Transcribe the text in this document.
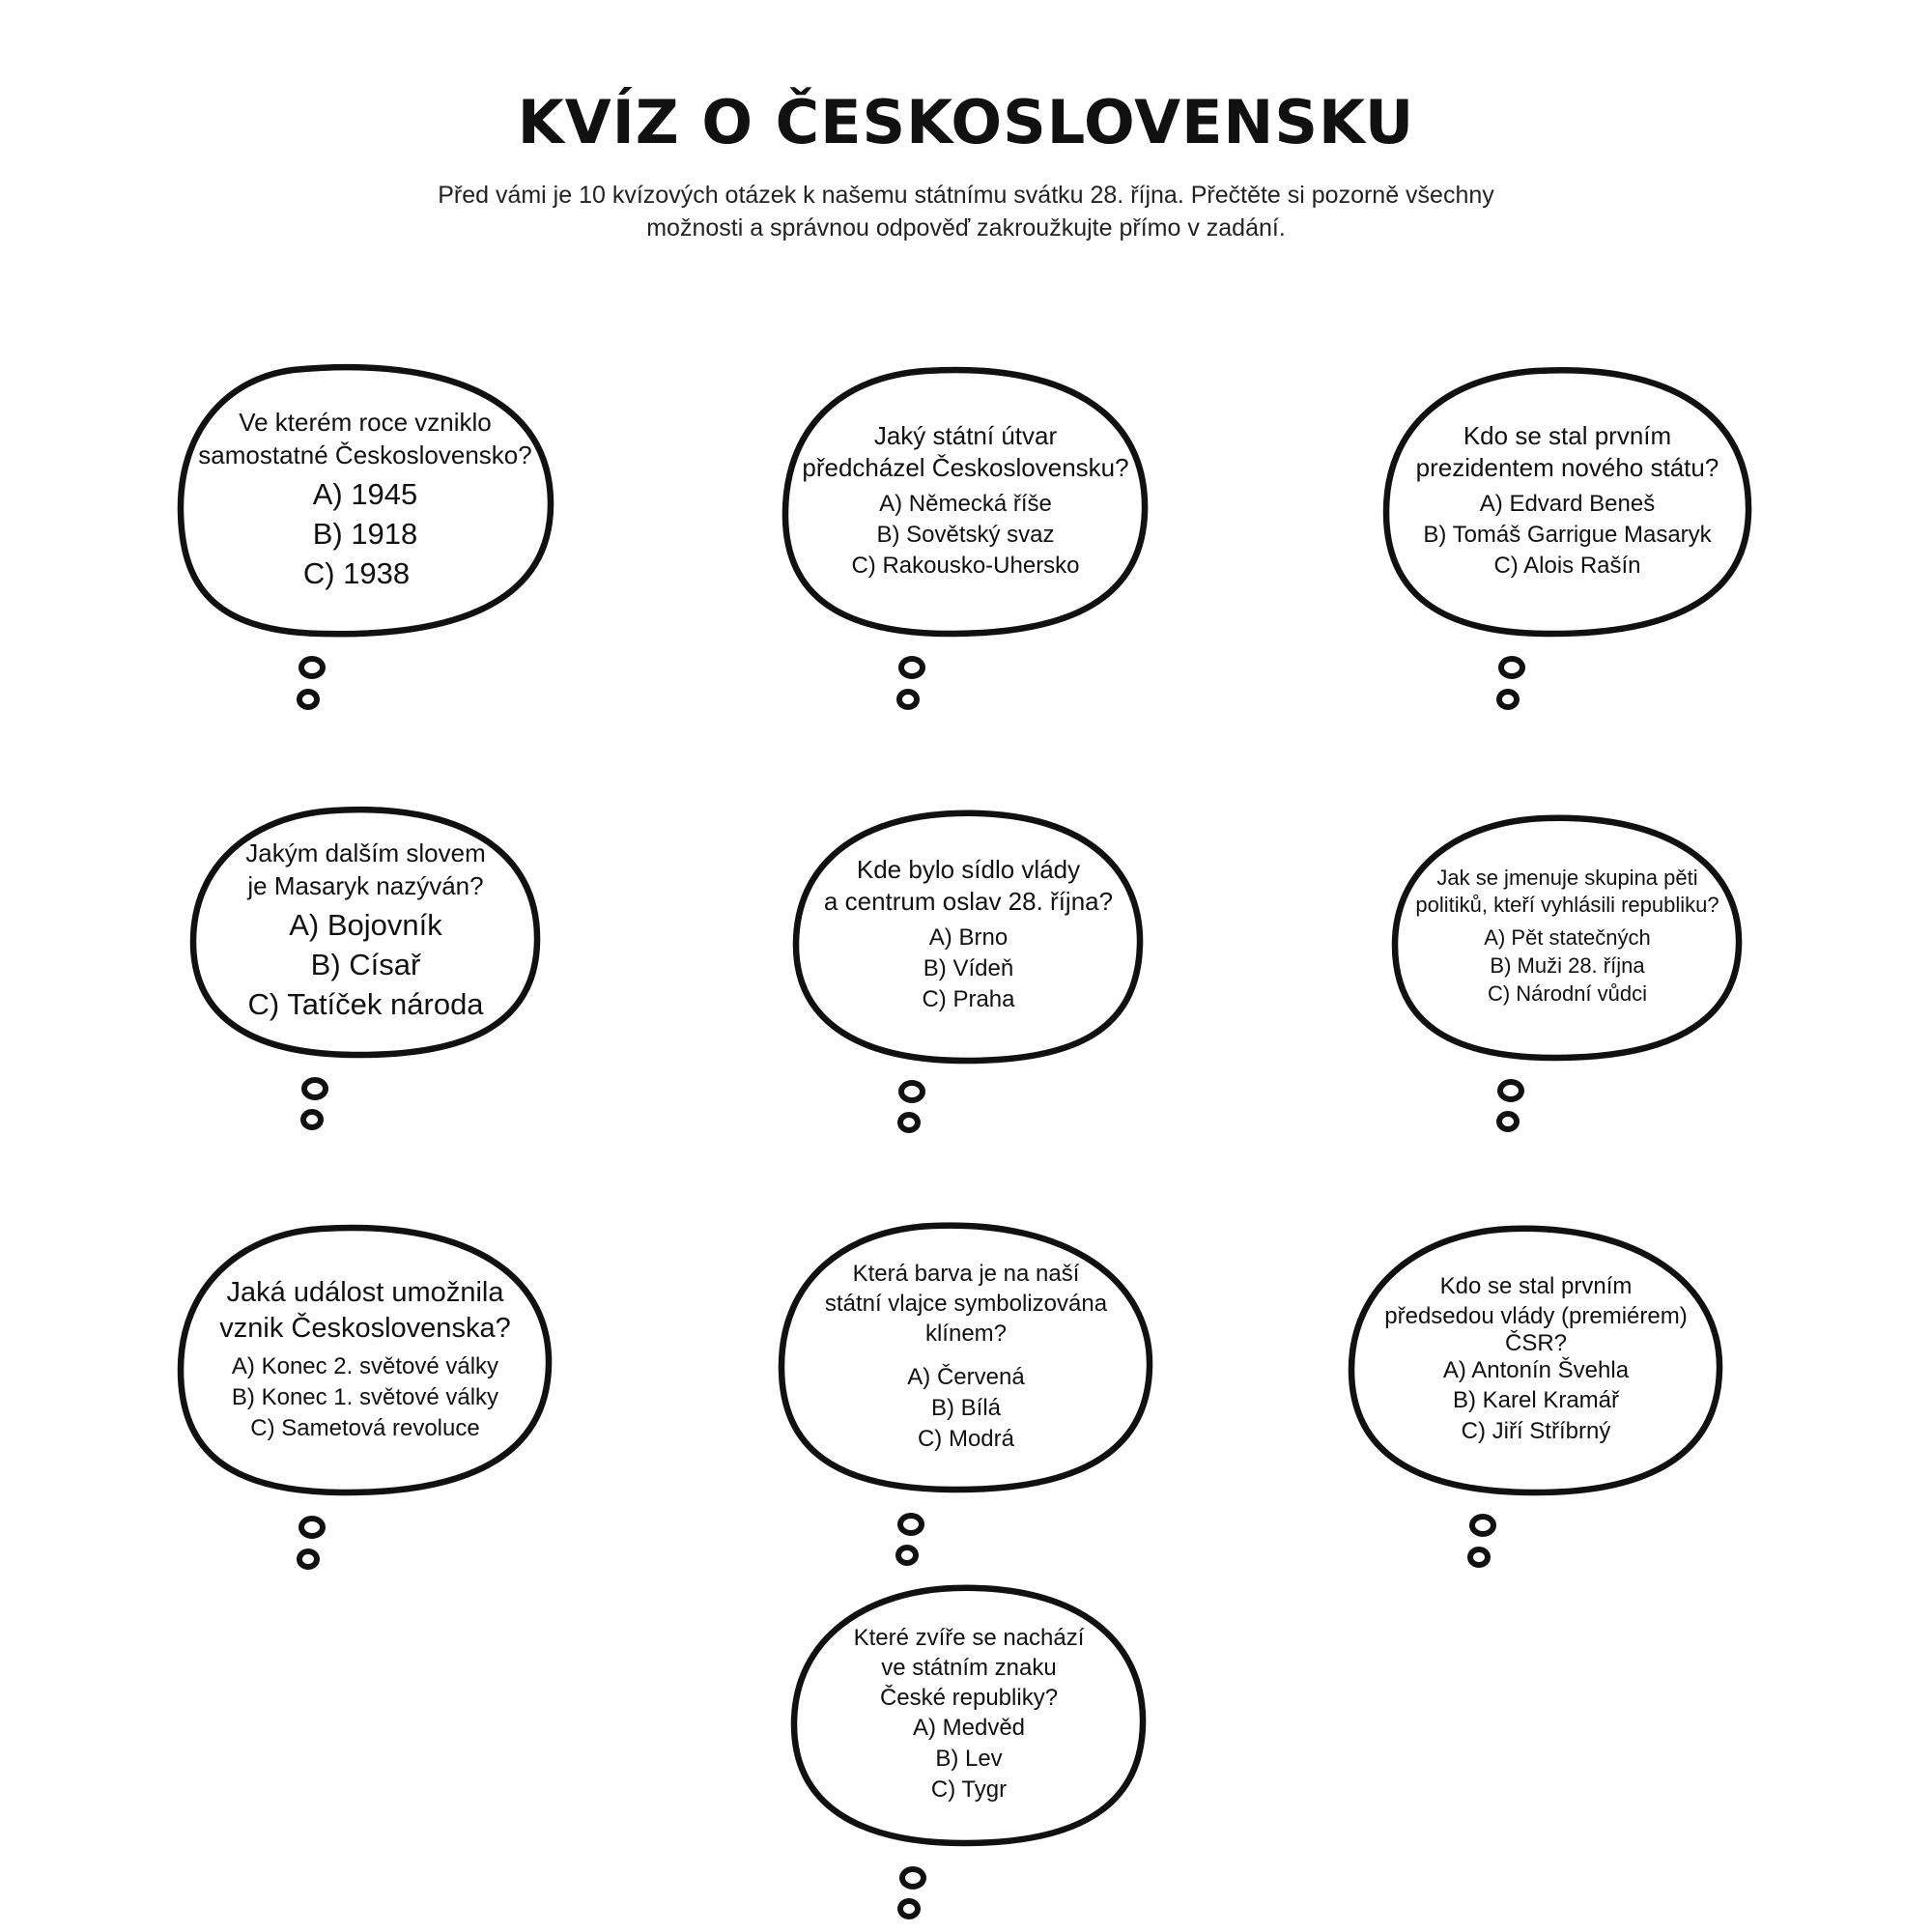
KVÍZ O ČESKOSLOVENSKU
Před vámi je 10 kvízových otázek k našemu státnímu svátku 28. října. Přečtěte si pozorně všechny
možnosti a správnou odpověď zakroužkujte přímo v zadání.
Ve kterém roce vzniklo
samostatné Československo?
A) 1945
B) 1918
C) 1938
Jaký státní útvar
předcházel Československu?
A) Německá říše
B) Sovětský svaz
C) Rakousko-Uhersko
Kdo se stal prvním
prezidentem nového státu?
A) Edvard Beneš
B) Tomáš Garrigue Masaryk
C) Alois Rašín
Jakým dalším slovem
je Masaryk nazýván?
A) Bojovník
B) Císař
C) Tatíček národa
Kde bylo sídlo vlády
a centrum oslav 28. října?
A) Brno
B) Vídeň
C) Praha
Jak se jmenuje skupina pěti
politiků, kteří vyhlásili republiku?
A) Pět statečných
B) Muži 28. října
C) Národní vůdci
Jaká událost umožnila
vznik Československa?
A) Konec 2. světové války
B) Konec 1. světové války
C) Sametová revoluce
Která barva je na naší
státní vlajce symbolizována
klínem?
A) Červená
B) Bílá
C) Modrá
Kdo se stal prvním
předsedou vlády (premiérem)
ČSR?
A) Antonín Švehla
B) Karel Kramář
C) Jiří Stříbrný
Které zvíře se nachází
ve státním znaku
České republiky?
A) Medvěd
B) Lev
C) Tygr
